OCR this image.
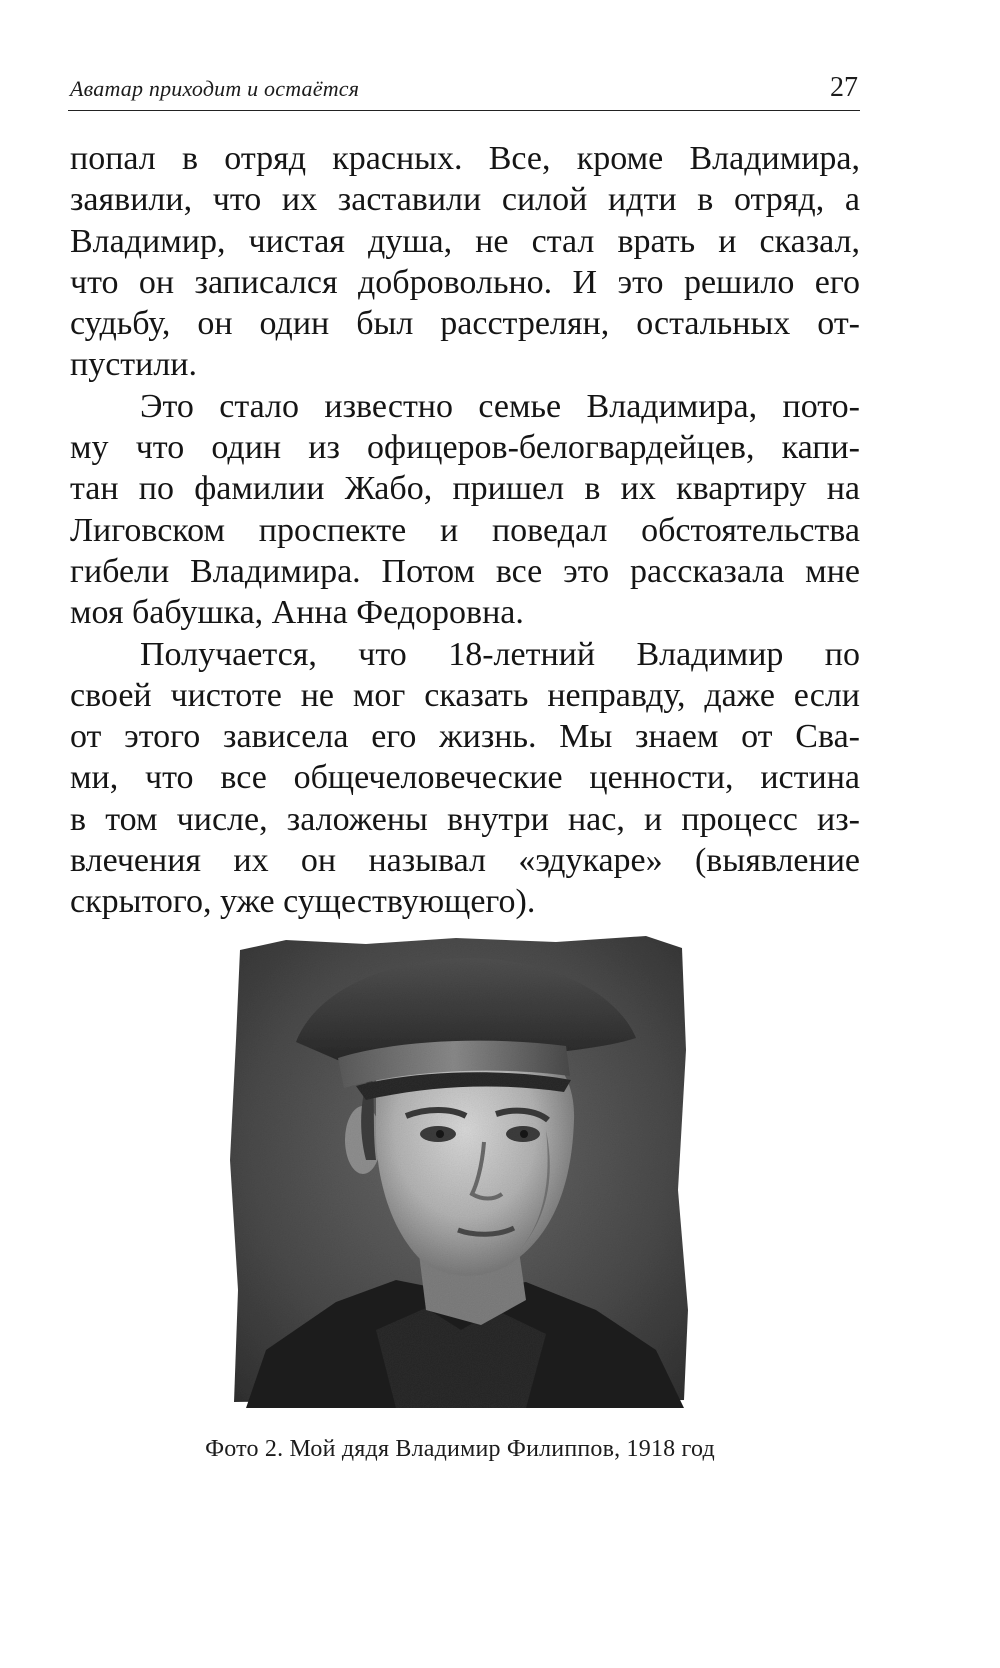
Аватар приходит и остаётся	27

попал в отряд красных. Все, кроме Владимира,
заявили, что их заставили силой идти в отряд, а
Владимир, чистая душа, не стал врать и сказал,
что он записался добровольно. И это решило его
судьбу, он один был расстрелян, остальных от-
пустили.

Это стало известно семье Владимира, пото-
му что один из офицеров-белогвардейцев, капи-
тан по фамилии Жабо, пришел в их квартиру на
Лиговском проспекте и поведал обстоятельства
гибели Владимира. Потом все это рассказала мне
моя бабушка, Анна Федоровна.

Получается, что 18-летний Владимир по
своей чистоте не мог сказать неправду, даже если
от этого зависела его жизнь. Мы знаем от Сва-
ми, что все общечеловеческие ценности, истина
в том числе, заложены внутри нас, и процесс из-
влечения их он называл «эдукаре» (выявление
скрытого, уже существующего).

Фото 2. Мой дядя Владимир Филиппов, 1918 год
